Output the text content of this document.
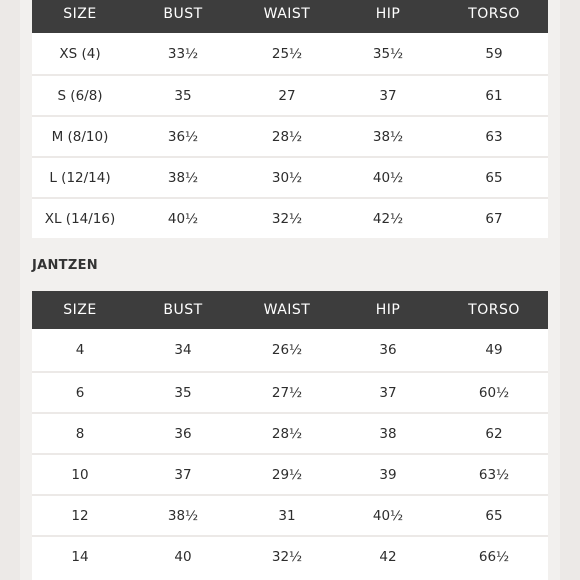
SIZE	BUST	WAIST	HIP	TORSO
XS (4)	33½	25½	35½	59
S (6/8)	35	27	37	61
M (8/10)	36½	28½	38½	63
L (12/14)	38½	30½	40½	65
XL (14/16)	40½	32½	42½	67
JANTZEN
SIZE	BUST	WAIST	HIP	TORSO
4	34	26½	36	49
6	35	27½	37	60½
8	36	28½	38	62
10	37	29½	39	63½
12	38½	31	40½	65
14	40	32½	42	66½
